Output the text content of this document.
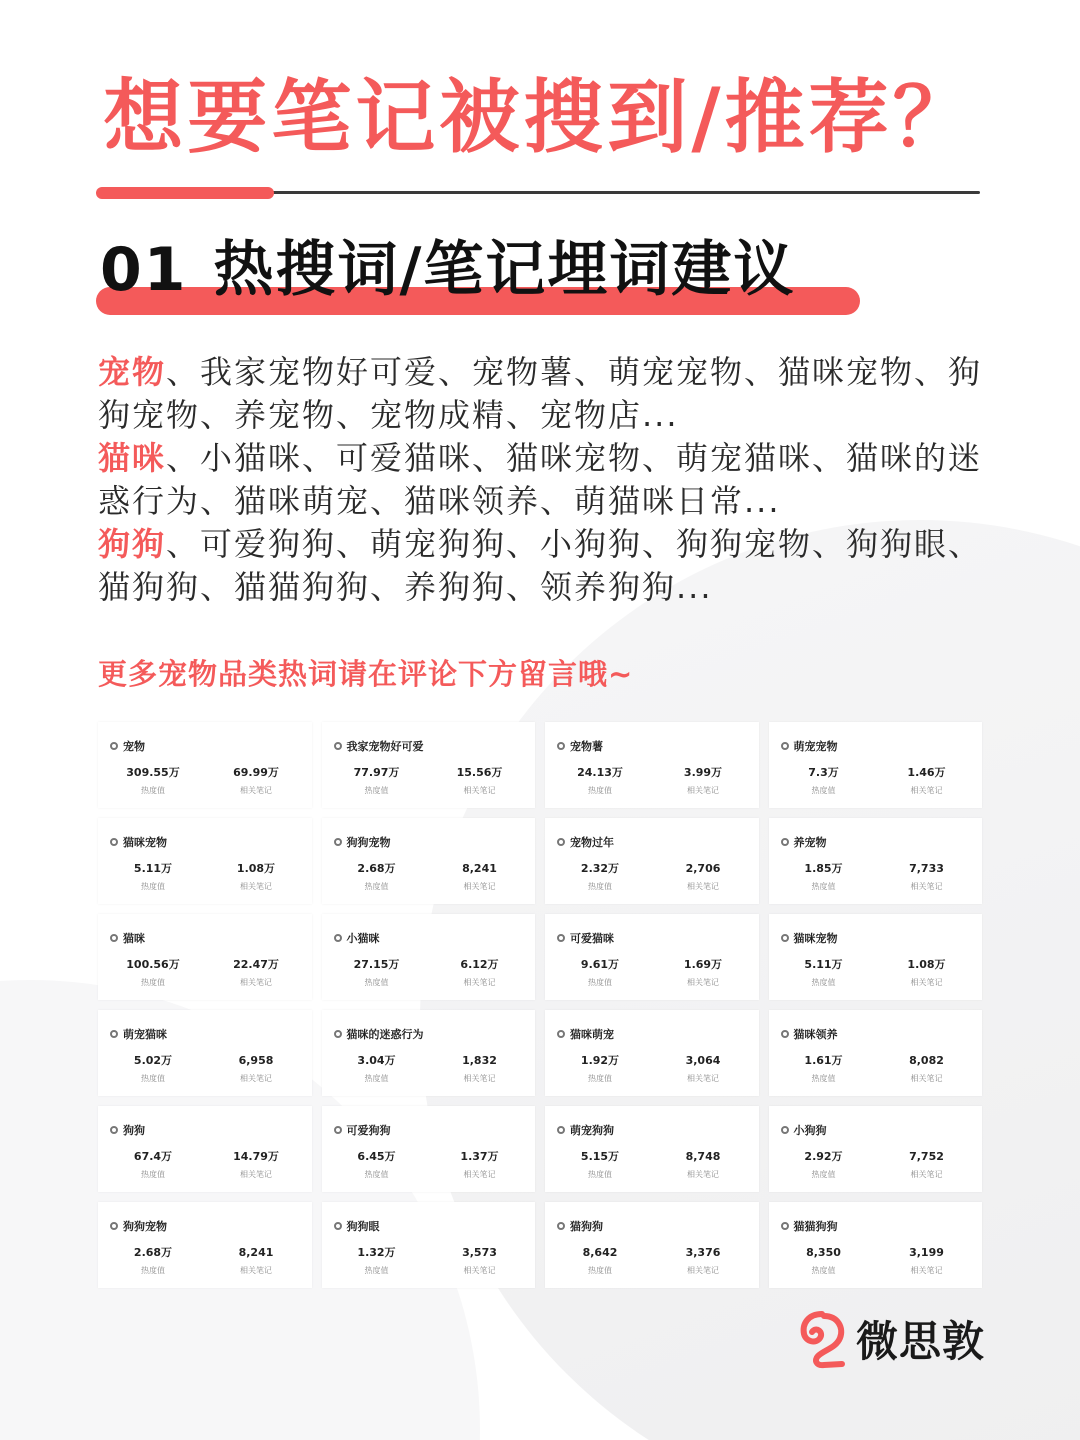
想要笔记被搜到/推荐？
01 热搜词/笔记埋词建议
宠物、我家宠物好可爱、宠物薯、萌宠宠物、猫咪宠物、狗狗宠物、养宠物、宠物成精、宠物店...
猫咪、小猫咪、可爱猫咪、猫咪宠物、萌宠猫咪、猫咪的迷惑行为、猫咪萌宠、猫咪领养、萌猫咪日常...
狗狗、可爱狗狗、萌宠狗狗、小狗狗、狗狗宠物、狗狗眼、猫狗狗、猫猫狗狗、养狗狗、领养狗狗...
更多宠物品类热词请在评论下方留言哦~
宠物
309.55万
热度值
69.99万
相关笔记
我家宠物好可爱
77.97万
热度值
15.56万
相关笔记
宠物薯
24.13万
热度值
3.99万
相关笔记
萌宠宠物
7.3万
热度值
1.46万
相关笔记
猫咪宠物
5.11万
热度值
1.08万
相关笔记
狗狗宠物
2.68万
热度值
8,241
相关笔记
宠物过年
2.32万
热度值
2,706
相关笔记
养宠物
1.85万
热度值
7,733
相关笔记
猫咪
100.56万
热度值
22.47万
相关笔记
小猫咪
27.15万
热度值
6.12万
相关笔记
可爱猫咪
9.61万
热度值
1.69万
相关笔记
猫咪宠物
5.11万
热度值
1.08万
相关笔记
萌宠猫咪
5.02万
热度值
6,958
相关笔记
猫咪的迷惑行为
3.04万
热度值
1,832
相关笔记
猫咪萌宠
1.92万
热度值
3,064
相关笔记
猫咪领养
1.61万
热度值
8,082
相关笔记
狗狗
67.4万
热度值
14.79万
相关笔记
可爱狗狗
6.45万
热度值
1.37万
相关笔记
萌宠狗狗
5.15万
热度值
8,748
相关笔记
小狗狗
2.92万
热度值
7,752
相关笔记
狗狗宠物
2.68万
热度值
8,241
相关笔记
狗狗眼
1.32万
热度值
3,573
相关笔记
猫狗狗
8,642
热度值
3,376
相关笔记
猫猫狗狗
8,350
热度值
3,199
相关笔记
微思敦
